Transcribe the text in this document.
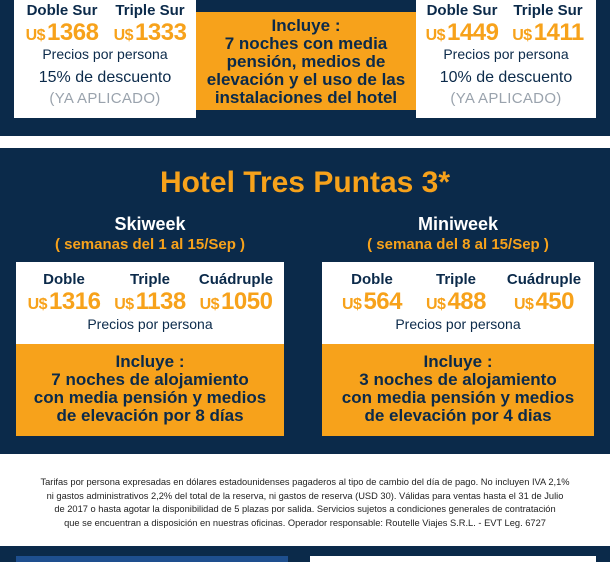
Doble Sur
U$1368
Triple Sur
U$1333
Precios por persona
15% de descuento
(YA APLICADO)
Incluye :
7 noches con media
pensión, medios de
elevación y el uso de las
instalaciones del hotel
Doble Sur
U$1449
Triple Sur
U$1411
Precios por persona
10% de descuento
(YA APLICADO)
Hotel Tres Puntas 3*
Skiweek
( semanas del 1 al 15/Sep )
Doble
U$1316
Triple
U$1138
Cuádruple
U$1050
Precios por persona
Incluye :
7 noches de alojamiento
con media pensión y medios
de elevación por 8 días
Miniweek
( semana del 8 al 15/Sep )
Doble
U$564
Triple
U$488
Cuádruple
U$450
Precios por persona
Incluye :
3 noches de alojamiento
con media pensión y medios
de elevación por 4 dias
Tarifas por persona expresadas en dólares estadounidenses pagaderos al tipo de cambio del día de pago. No incluyen IVA 2,1%
ni gastos administrativos 2,2% del total de la reserva, ni gastos de reserva (USD 30). Válidas para ventas hasta el 31 de Julio
de 2017 o hasta agotar la disponibilidad de 5 plazas por salida. Servicios sujetos a condiciones generales de contratación
que se encuentran a disposición en nuestras oficinas. Operador responsable: Routelle Viajes S.R.L. - EVT Leg. 6727
